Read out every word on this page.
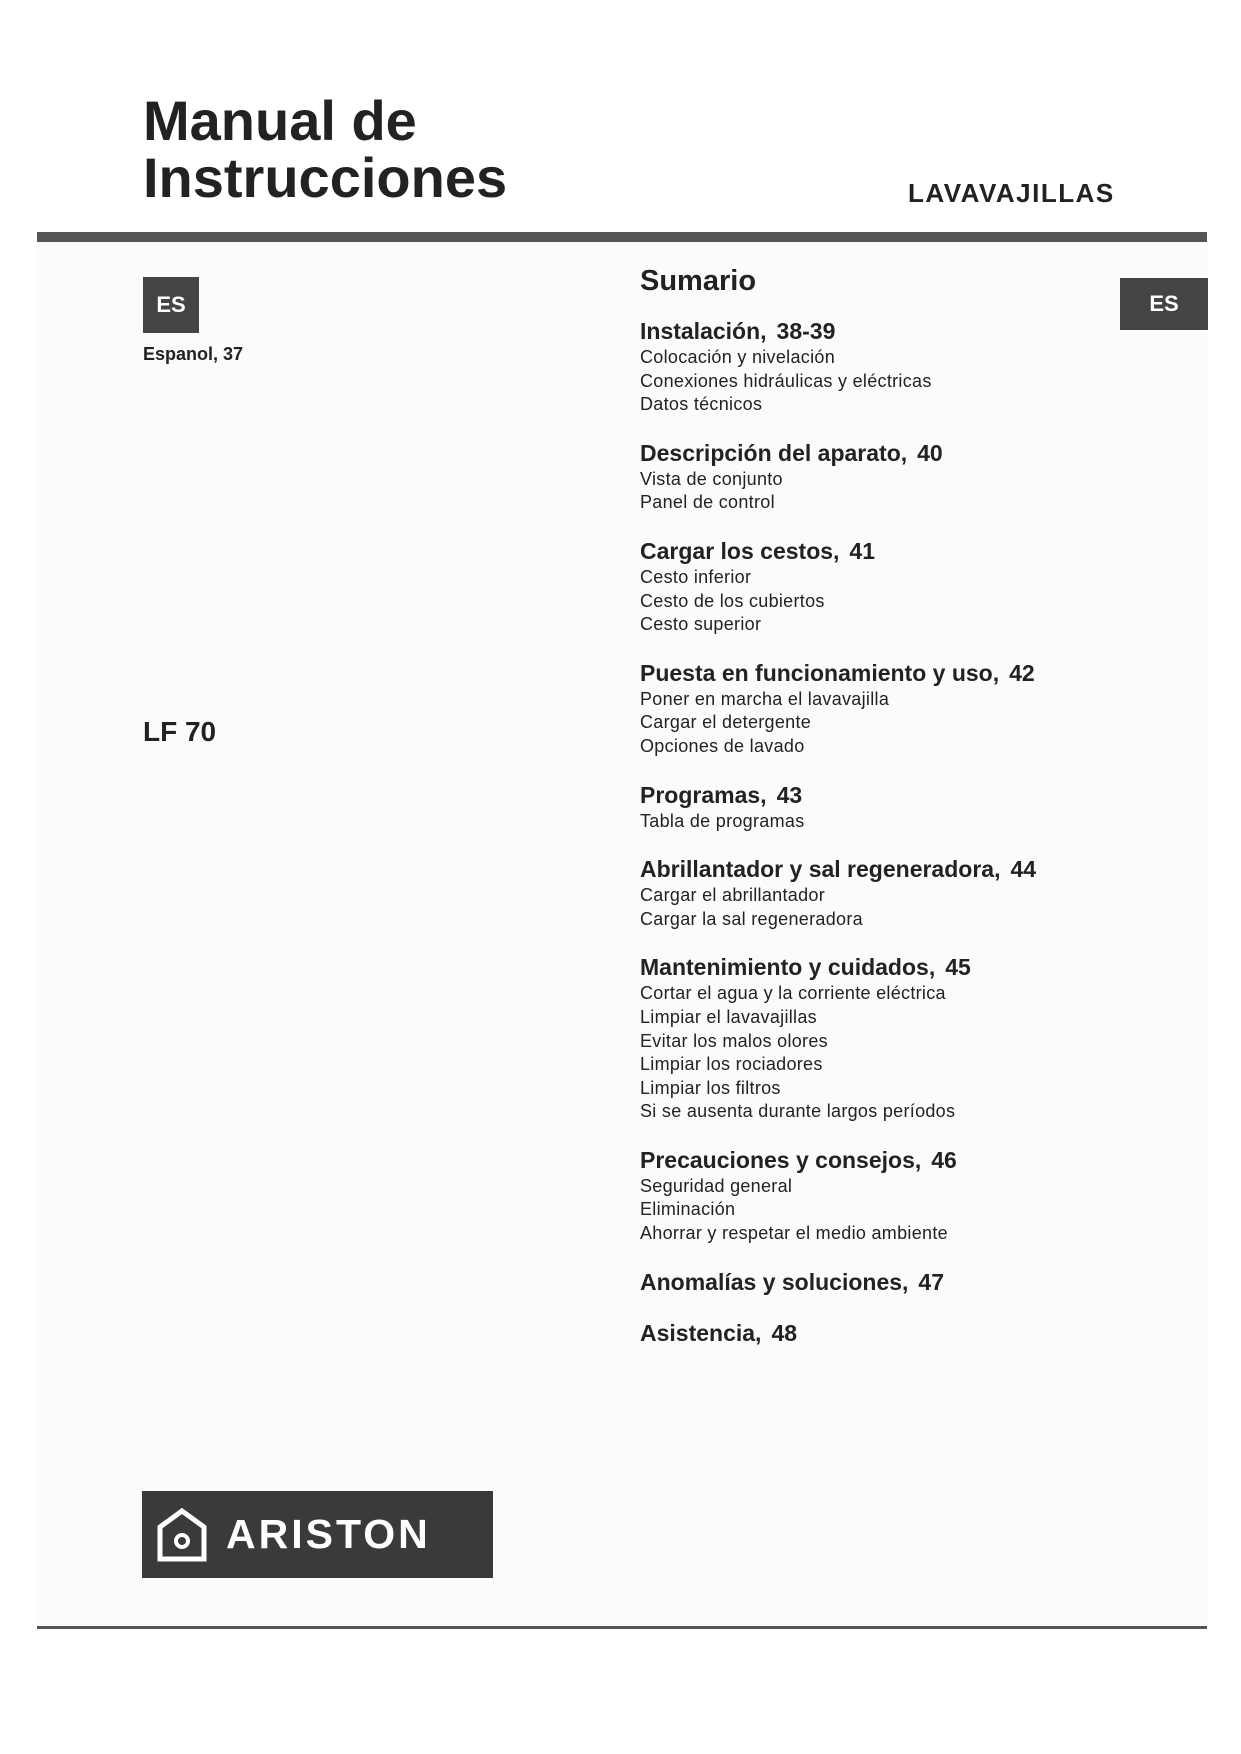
Manual de
Instrucciones	LAVAVAJILLAS
ES
Espanol, 37
LF 70
ES
Sumario
Instalación, 38-39
Colocación y nivelación
Conexiones hidráulicas y eléctricas
Datos técnicos
Descripción del aparato, 40
Vista de conjunto
Panel de control
Cargar los cestos, 41
Cesto inferior
Cesto de los cubiertos
Cesto superior
Puesta en funcionamiento y uso, 42
Poner en marcha el lavavajilla
Cargar el detergente
Opciones de lavado
Programas, 43
Tabla de programas
Abrillantador y sal regeneradora, 44
Cargar el abrillantador
Cargar la sal regeneradora
Mantenimiento y cuidados, 45
Cortar el agua y la corriente eléctrica
Limpiar el lavavajillas
Evitar los malos olores
Limpiar los rociadores
Limpiar los filtros
Si se ausenta durante largos períodos
Precauciones y consejos, 46
Seguridad general
Eliminación
Ahorrar y respetar el medio ambiente
Anomalías y soluciones, 47
Asistencia, 48
ARISTON
